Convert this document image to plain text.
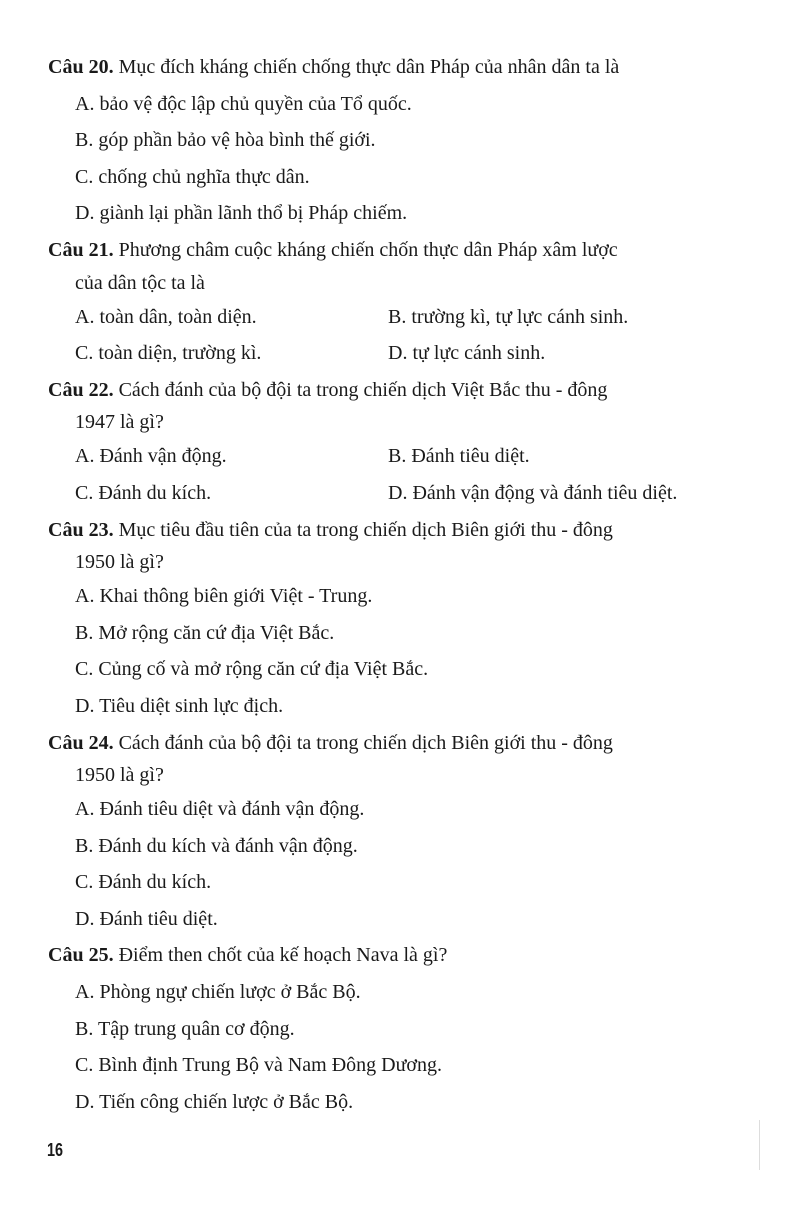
Câu 20. Mục đích kháng chiến chống thực dân Pháp của nhân dân ta là
A. bảo vệ độc lập chủ quyền của Tổ quốc.
B. góp phần bảo vệ hòa bình thế giới.
C. chống chủ nghĩa thực dân.
D. giành lại phần lãnh thổ bị Pháp chiếm.
Câu 21. Phương châm cuộc kháng chiến chốn thực dân Pháp xâm lược
của dân tộc ta là
A. toàn dân, toàn diện.	B. trường kì, tự lực cánh sinh.
C. toàn diện, trường kì.	D. tự lực cánh sinh.
Câu 22. Cách đánh của bộ đội ta trong chiến dịch Việt Bắc thu - đông
1947 là gì?
A. Đánh vận động.	B. Đánh tiêu diệt.
C. Đánh du kích.	D. Đánh vận động và đánh tiêu diệt.
Câu 23. Mục tiêu đầu tiên của ta trong chiến dịch Biên giới thu - đông
1950 là gì?
A. Khai thông biên giới Việt - Trung.
B. Mở rộng căn cứ địa Việt Bắc.
C. Củng cố và mở rộng căn cứ địa Việt Bắc.
D. Tiêu diệt sinh lực địch.
Câu 24. Cách đánh của bộ đội ta trong chiến dịch Biên giới thu - đông
1950 là gì?
A. Đánh tiêu diệt và đánh vận động.
B. Đánh du kích và đánh vận động.
C. Đánh du kích.
D. Đánh tiêu diệt.
Câu 25. Điểm then chốt của kế hoạch Nava là gì?
A. Phòng ngự chiến lược ở Bắc Bộ.
B. Tập trung quân cơ động.
C. Bình định Trung Bộ và Nam Đông Dương.
D. Tiến công chiến lược ở Bắc Bộ.
16
